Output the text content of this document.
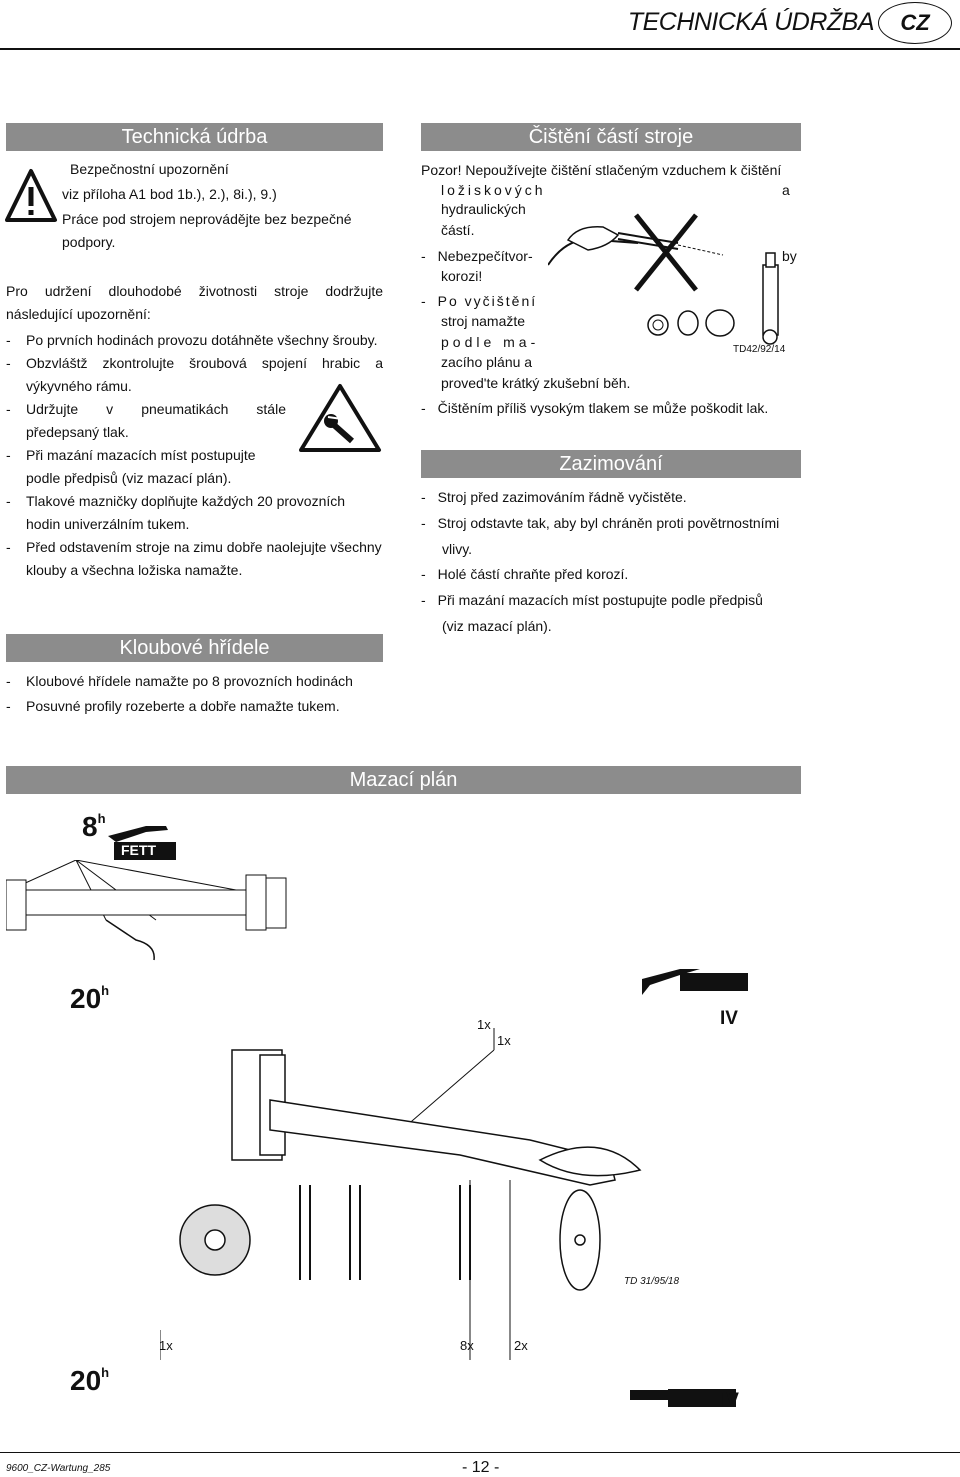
TECHNICKÁ ÚDRŽBA	CZ
Technická údrba
Bezpečnostní upozornění
viz příloha A1 bod 1b.), 2.), 8i.), 9.)
Práce pod strojem neprovádějte bez bezpečné
podpory.
Pro udržení dlouhodobé životnosti stroje dodržujte následující upozornění:
- Po prvních hodinách provozu dotáhněte všechny šrouby.
- Obzvláštž zkontrolujte šroubová spojení hrabic a výkyvného rámu.
- Udržujte v pneumatikách stále předepsaný tlak.
- Při mazání mazacích míst postupujte podle předpisů (viz mazací plán).
- Tlakové mazničky doplňujte každých 20 provozních hodin univerzálním tukem.
- Před odstavením stroje na zimu dobře naolejujte všechny klouby a všechna ložiska namažte.
Kloubové hřídele
- Kloubové hřídele namažte po 8 provozních hodinách
- Posuvné profily rozeberte a dobře namažte tukem.
Čištění částí stroje
Pozor! Nepoužívejte čištění stlačeným vzduchem k čištění
ložiskových	a
hydraulických
částí.
- Nebezpečítvor-	by
korozi!
- Po vyčištění
stroj namažte
podle ma-
zacího plánu a
proved'te krátký zkušební běh.
- Čištěním příliš vysokým tlakem se může poškodit lak.
TD42/92/14
Zazimování
- Stroj před zazimováním řádně vyčistěte.
- Stroj odstavte tak, aby byl chráněn proti povětrnostními
vlivy.
- Holé částí chraňte před korozí.
- Při mazání mazacích míst postupujte podle předpisů
(viz mazací plán).
Mazací plán
8$^h$
FETT
20$^h$
20$^h$
1x
1x
IV
1x	8x	2x
IV
TD 31/95/18
9600_CZ-Wartung_285	- 12 -
